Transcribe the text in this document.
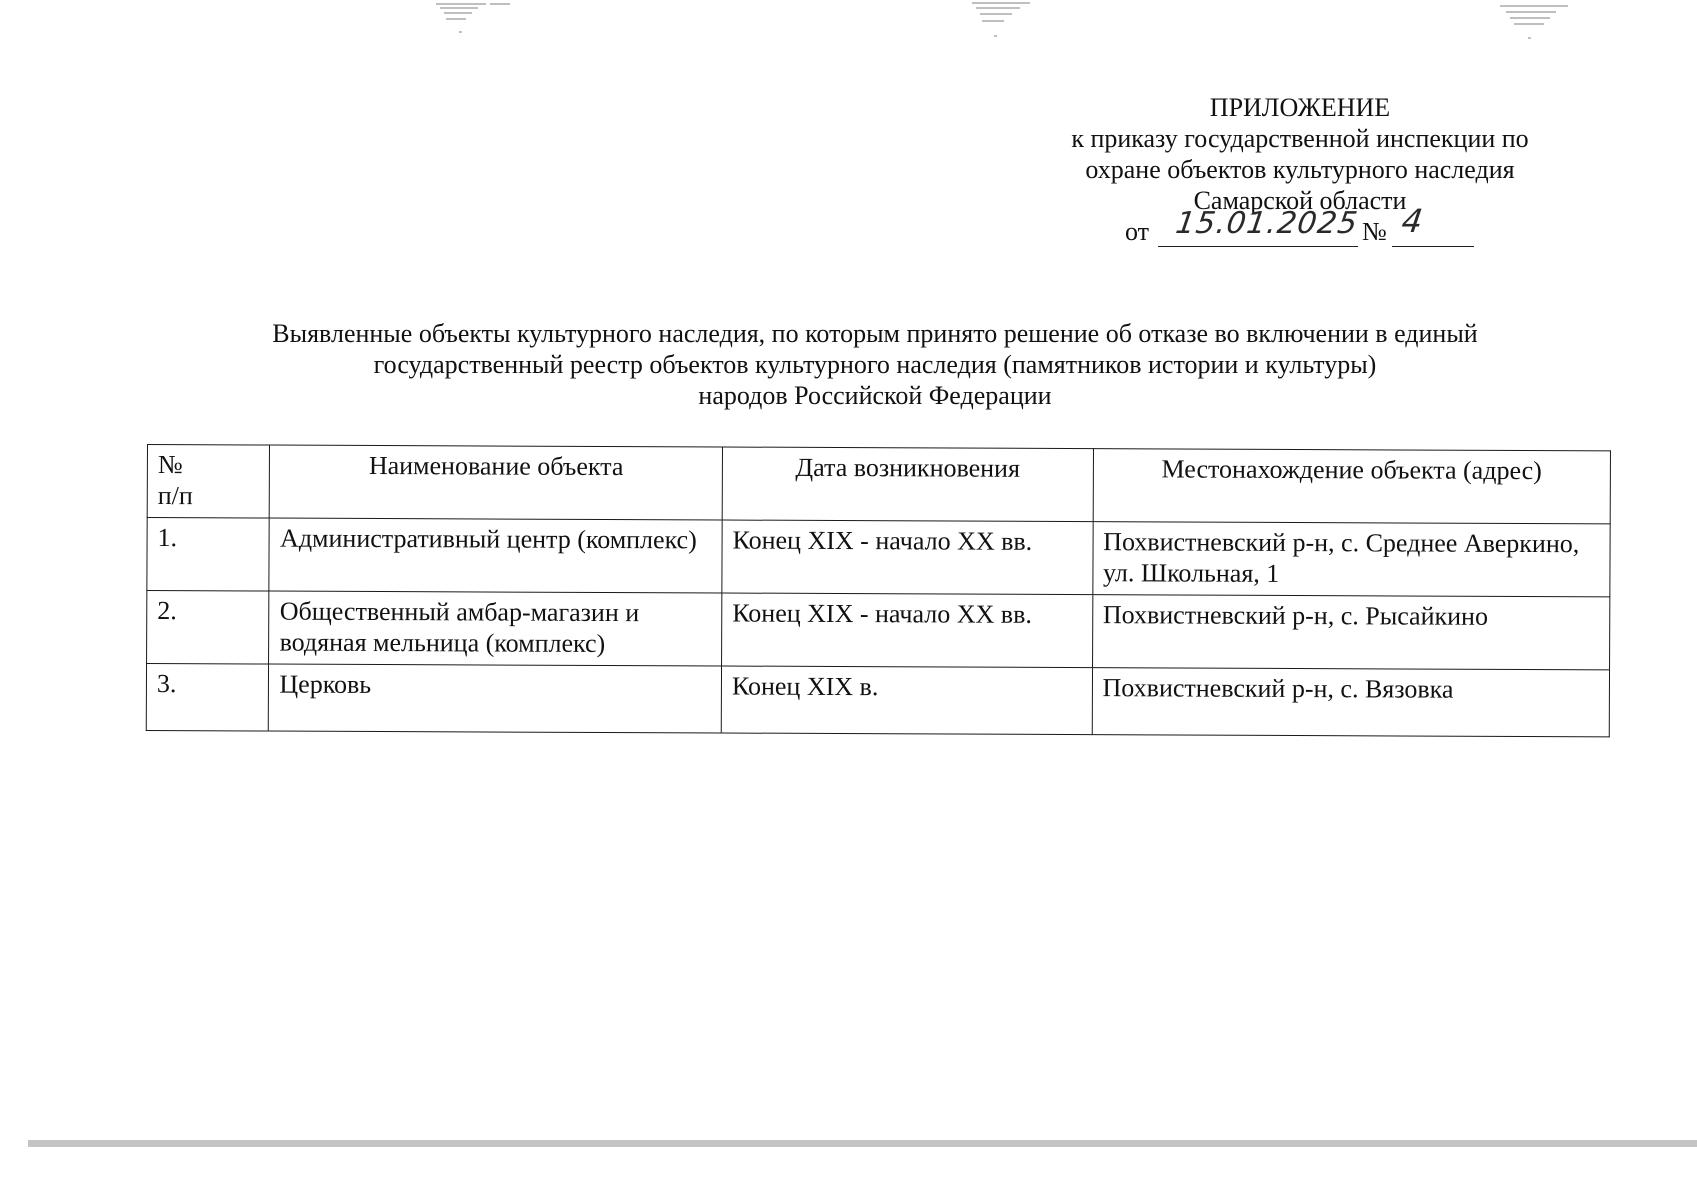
ПРИЛОЖЕНИЕ
к приказу государственной инспекции по
охране объектов культурного наследия
Самарской области
от 15.01.2025 № 4
Выявленные объекты культурного наследия, по которым принято решение об отказе во включении в единый
государственный реестр объектов культурного наследия (памятников истории и культуры)
народов Российской Федерации
№
п/п	Наименование объекта	Дата возникновения	Местонахождение объекта (адрес)
1.	Административный центр (комплекс)	Конец XIX - начало XX вв.	Похвистневский р-н, с. Среднее Аверкино, ул. Школьная, 1
2.	Общественный амбар-магазин и водяная мельница (комплекс)	Конец XIX - начало XX вв.	Похвистневский р-н, с. Рысайкино
3.	Церковь	Конец XIX в.	Похвистневский р-н, с. Вязовка
